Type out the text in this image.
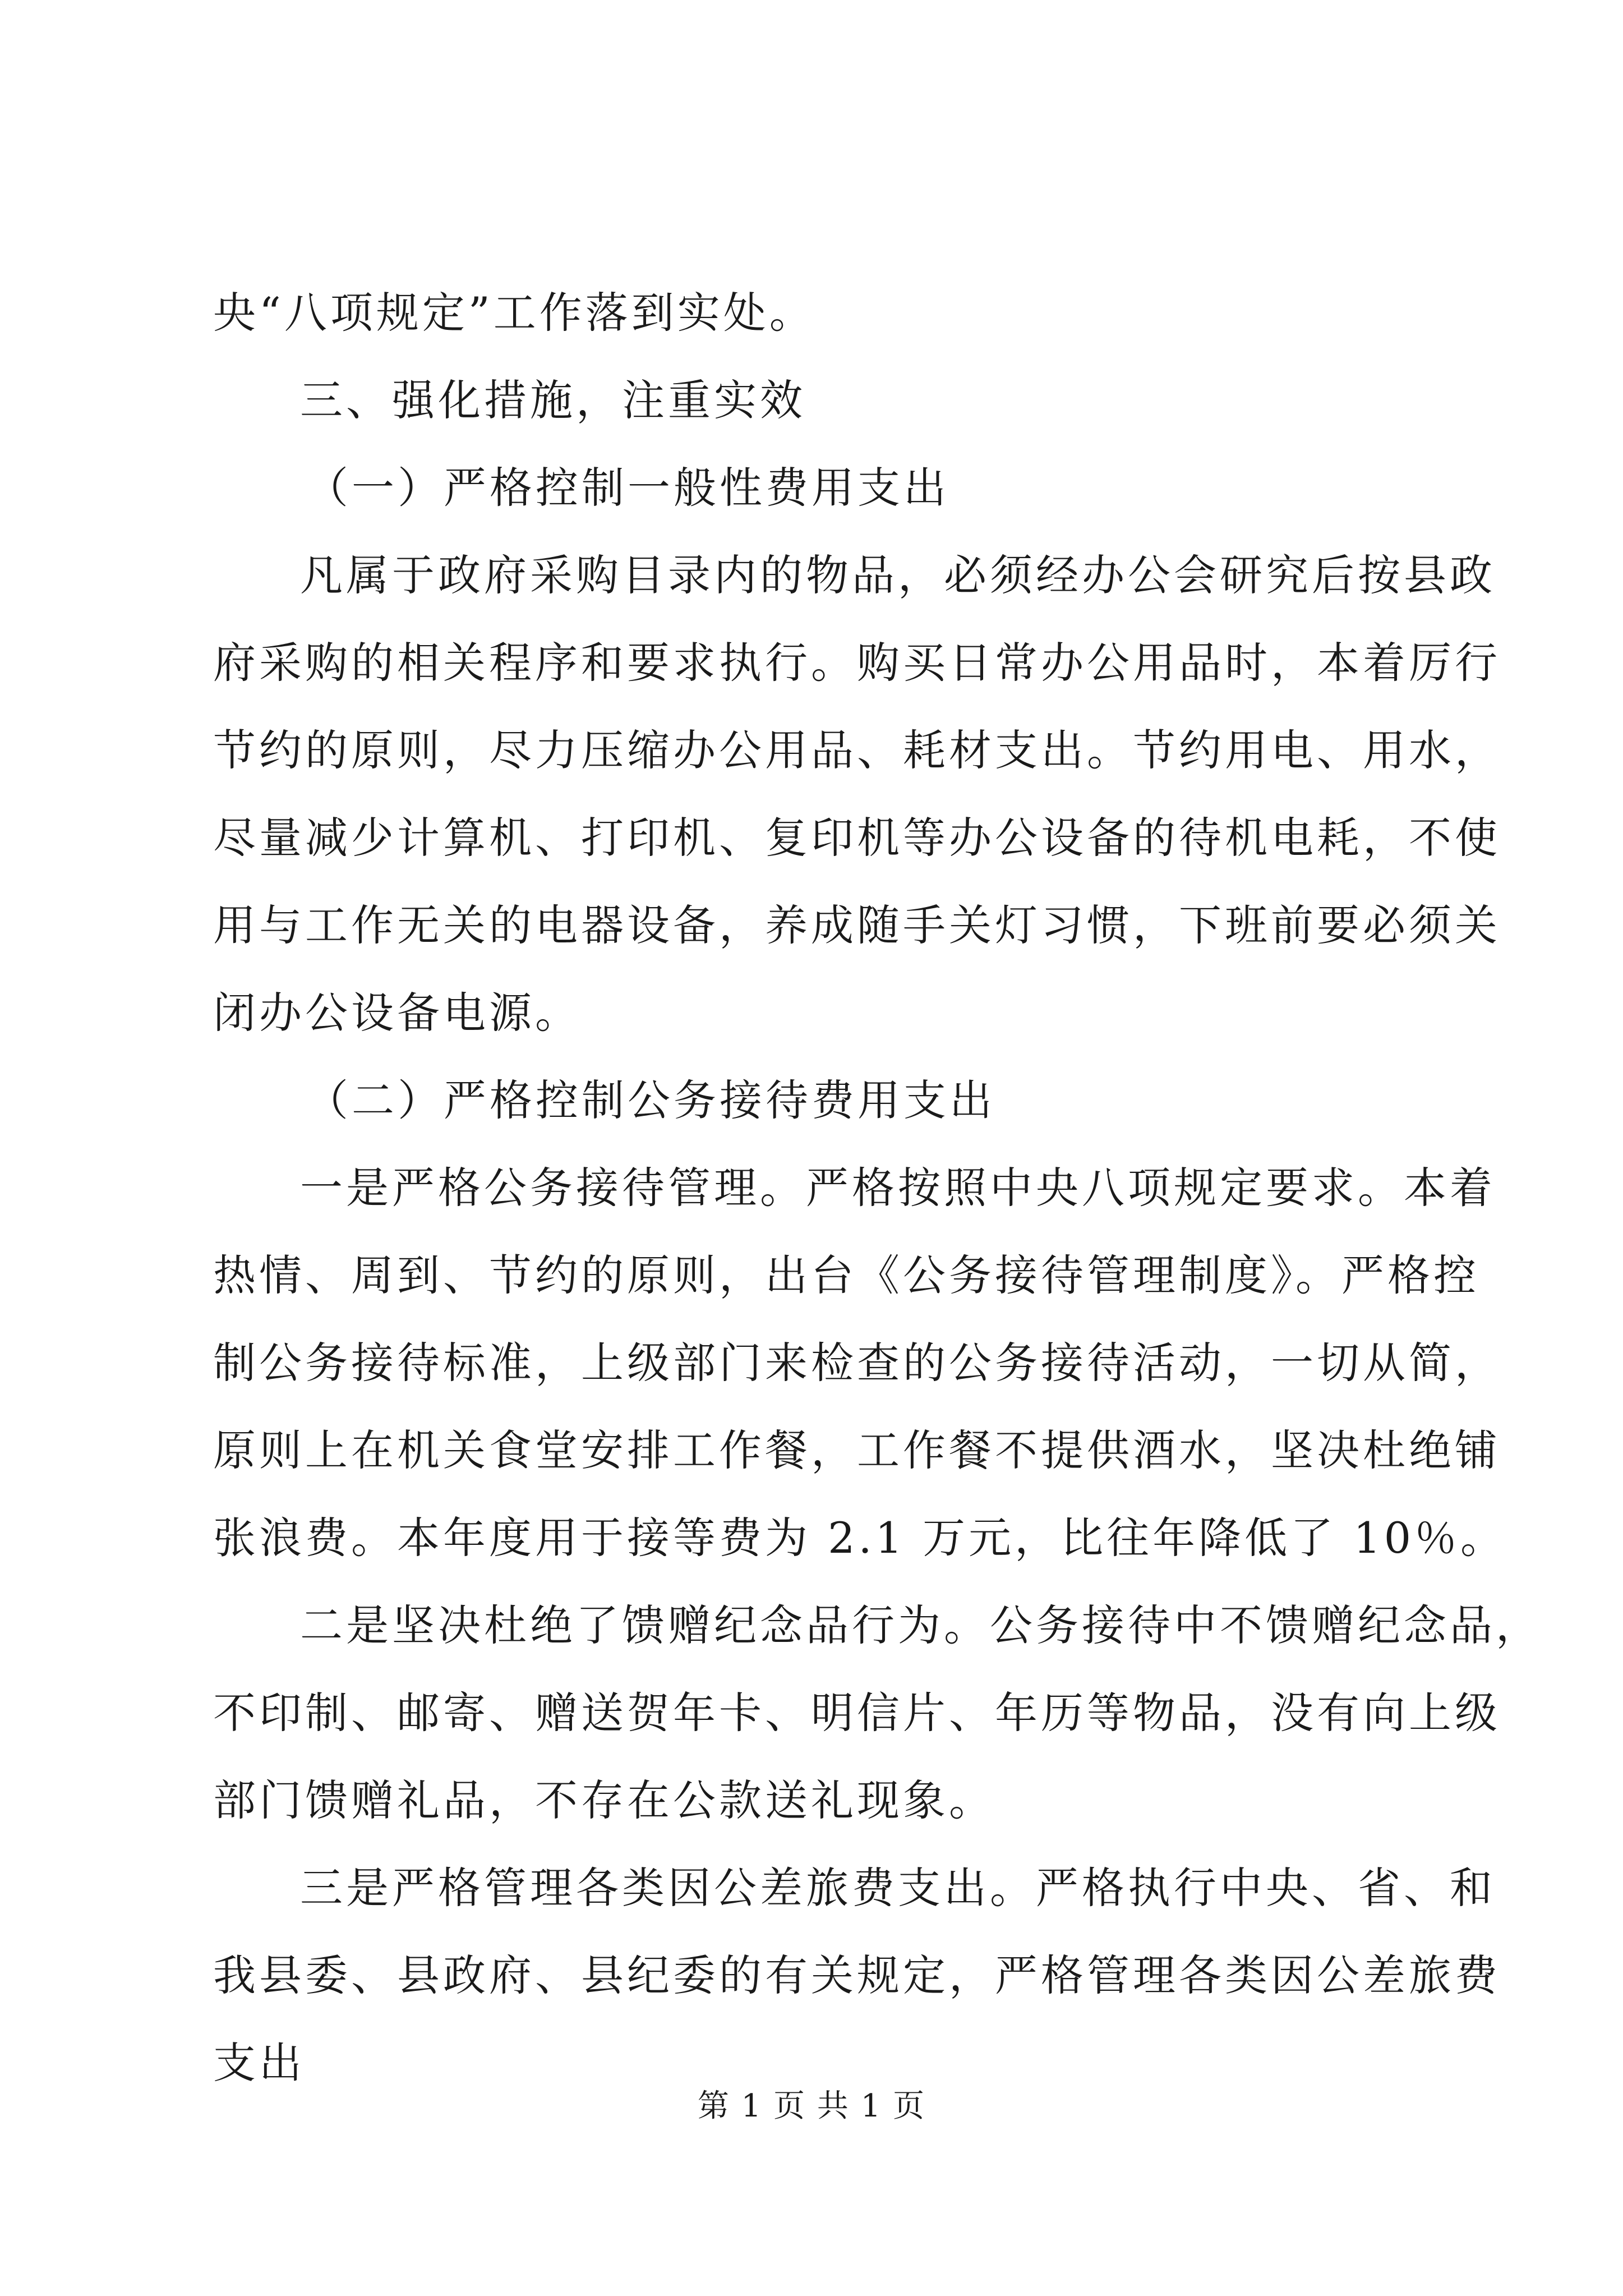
央“八项规定”工作落到实处。
三、强化措施，注重实效
（一）严格控制一般性费用支出
凡属于政府采购目录内的物品，必须经办公会研究后按县政
府采购的相关程序和要求执行。购买日常办公用品时，本着厉行
节约的原则，尽力压缩办公用品、耗材支出。节约用电、用水，
尽量减少计算机、打印机、复印机等办公设备的待机电耗，不使
用与工作无关的电器设备，养成随手关灯习惯，下班前要必须关
闭办公设备电源。
（二）严格控制公务接待费用支出
一是严格公务接待管理。严格按照中央八项规定要求。本着
热情、周到、节约的原则，出台《公务接待管理制度》。严格控
制公务接待标准，上级部门来检查的公务接待活动，一切从简，
原则上在机关食堂安排工作餐，工作餐不提供酒水，坚决杜绝铺
张浪费。本年度用于接等费为 2.1 万元，比往年降低了 10％。
二是坚决杜绝了馈赠纪念品行为。公务接待中不馈赠纪念品，
不印制、邮寄、赠送贺年卡、明信片、年历等物品，没有向上级
部门馈赠礼品，不存在公款送礼现象。
三是严格管理各类因公差旅费支出。严格执行中央、省、和
我县委、县政府、县纪委的有关规定，严格管理各类因公差旅费
支出
第 1 页 共 1 页
